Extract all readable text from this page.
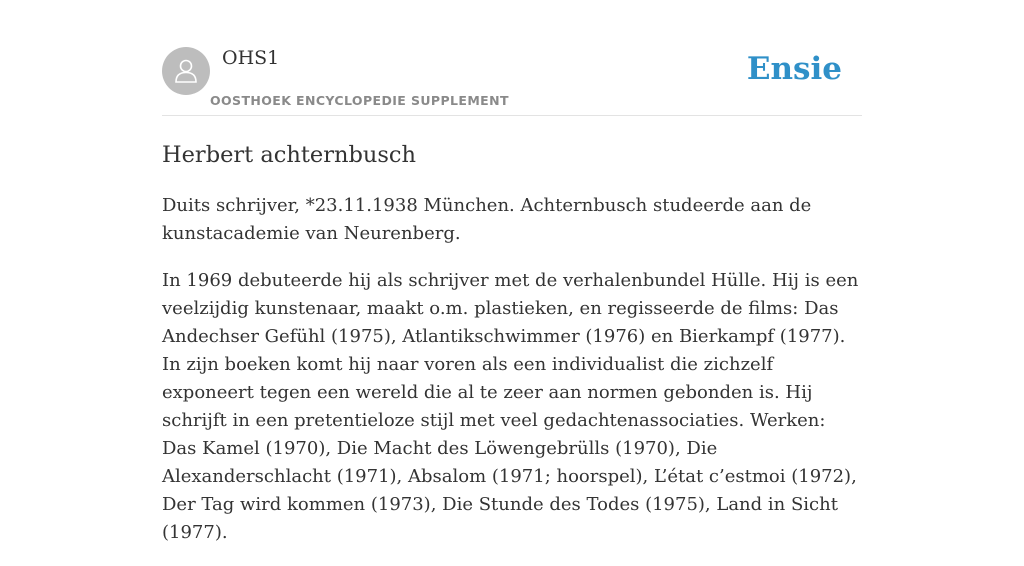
OHS1
OOSTHOEK ENCYCLOPEDIE SUPPLEMENT
Ensie
Herbert achternbusch

Duits schrijver, *23.11.1938 München. Achternbusch studeerde aan de kunstacademie van Neurenberg.

In 1969 debuteerde hij als schrijver met de verhalenbundel Hülle. Hij is een veelzijdig kunstenaar, maakt o.m. plastieken, en regisseerde de films: Das Andechser Gefühl (1975), Atlantikschwimmer (1976) en Bierkampf (1977). In zijn boeken komt hij naar voren als een individualist die zichzelf exponeert tegen een wereld die al te zeer aan normen gebonden is. Hij schrijft in een pretentieloze stijl met veel gedachtenassociaties. Werken: Das Kamel (1970), Die Macht des Löwengebrülls (1970), Die Alexanderschlacht (1971), Absalom (1971; hoorspel), L’état c’estmoi (1972), Der Tag wird kommen (1973), Die Stunde des Todes (1975), Land in Sicht (1977).
